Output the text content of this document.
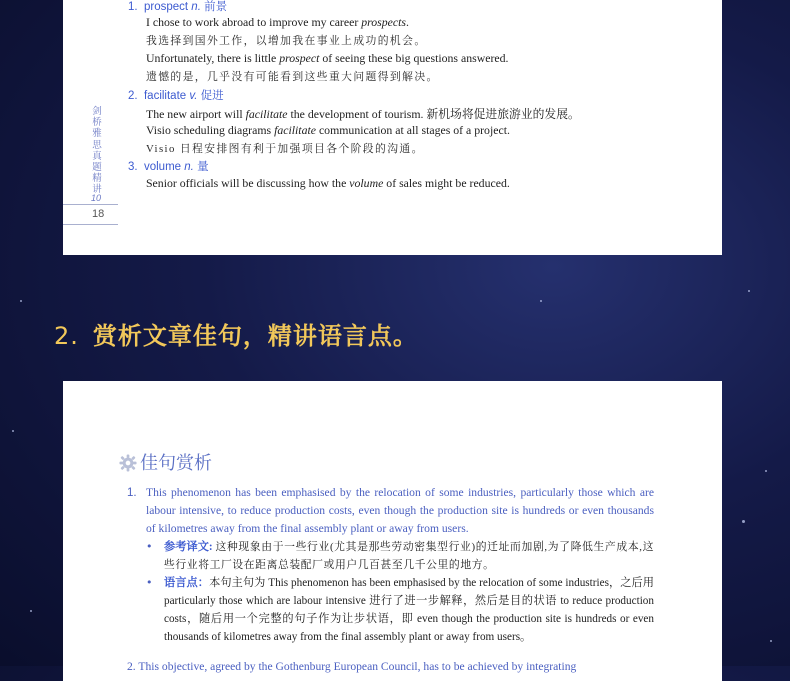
剑桥雅思真题精讲
10
18
1. prospect n. 前景
I chose to work abroad to improve my career prospects.
我选择到国外工作，以增加我在事业上成功的机会。
Unfortunately, there is little prospect of seeing these big questions answered.
遗憾的是，几乎没有可能看到这些重大问题得到解决。
2. facilitate v. 促进
The new airport will facilitate the development of tourism. 新机场将促进旅游业的发展。
Visio scheduling diagrams facilitate communication at all stages of a project.
Visio 日程安排图有利于加强项目各个阶段的沟通。
3. volume n. 量
Senior officials will be discussing how the volume of sales might be reduced.
2. 赏析文章佳句，精讲语言点。
佳句赏析
1. This phenomenon has been emphasised by the relocation of some industries, particularly those which are labour intensive, to reduce production costs, even though the production site is hundreds or even thousands of kilometres away from the final assembly plant or away from users.
• 参考译文: 这种现象由于一些行业(尤其是那些劳动密集型行业)的迁址而加剧,为了降低生产成本,这些行业将工厂设在距离总装配厂或用户几百甚至几千公里的地方。
• 语言点：本句主句为 This phenomenon has been emphasised by the relocation of some industries，之后用 particularly those which are labour intensive 进行了进一步解释，然后是目的状语 to reduce production costs，随后用一个完整的句子作为让步状语，即 even though the production site is hundreds or even thousands of kilometres away from the final assembly plant or away from users。
2. This objective, agreed by the Gothenburg European Council, has to be achieved by integrating
